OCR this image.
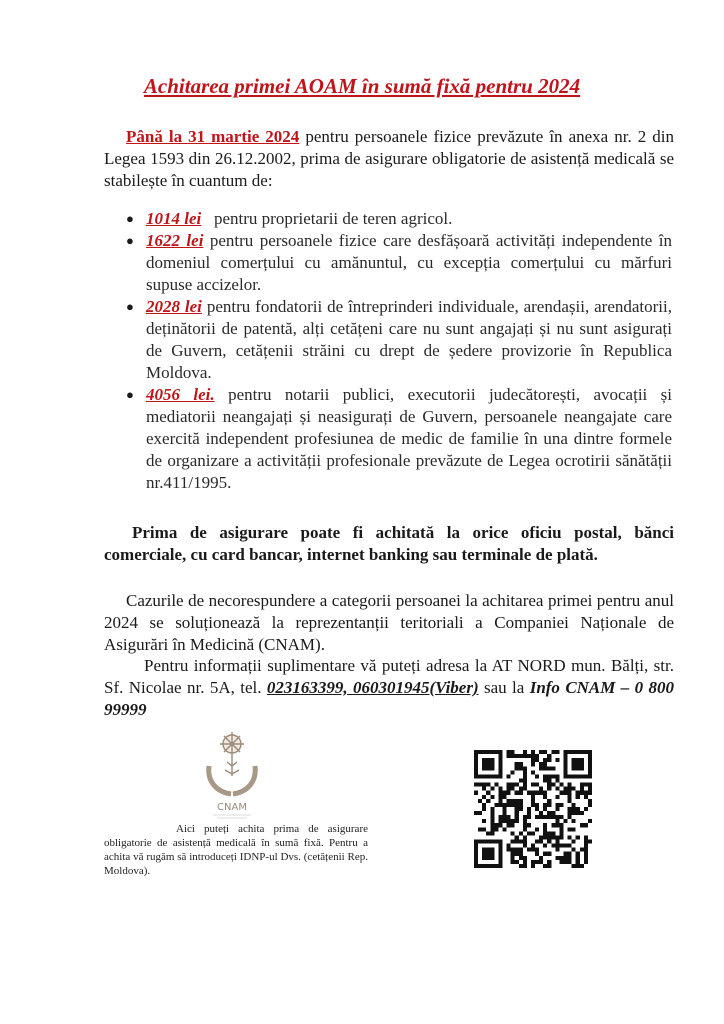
Achitarea primei AOAM în sumă fixă pentru 2024
Până la 31 martie 2024 pentru persoanele fizice prevăzute în anexa nr. 2 din Legea 1593 din 26.12.2002, prima de asigurare obligatorie de asistență medicală se stabilește în cuantum de:
● 1014 lei pentru proprietarii de teren agricol.
● 1622 lei pentru persoanele fizice care desfășoară activități independente în domeniul comerțului cu amănuntul, cu excepția comerțului cu mărfuri supuse accizelor.
● 2028 lei pentru fondatorii de întreprinderi individuale, arendașii, arendatorii, deținătorii de patentă, alți cetățeni care nu sunt angajați și nu sunt asigurați de Guvern, cetățenii străini cu drept de ședere provizorie în Republica Moldova.
● 4056 lei. pentru notarii publici, executorii judecătorești, avocații și mediatorii neangajați și neasigurați de Guvern, persoanele neangajate care exercită independent profesiunea de medic de familie în una dintre formele de organizare a activității profesionale prevăzute de Legea ocrotirii sănătății nr.411/1995.
Prima de asigurare poate fi achitată la orice oficiu postal, bănci comerciale, cu card bancar, internet banking sau terminale de plată.
Cazurile de necorespundere a categorii persoanei la achitarea primei pentru anul 2024 se soluționează la reprezentanții teritoriali a Companiei Naționale de Asigurări în Medicină (CNAM).
Pentru informații suplimentare vă puteți adresa la AT NORD mun. Bălți, str. Sf. Nicolae nr. 5A, tel. 023163399, 060301945(Viber) sau la Info CNAM – 0 800 99999
CNAM
Aici puteți achita prima de asigurare obligatorie de asistență medicală în sumă fixă. Pentru a achita vă rugăm să introduceți IDNP-ul Dvs. (cetățenii Rep. Moldova).
